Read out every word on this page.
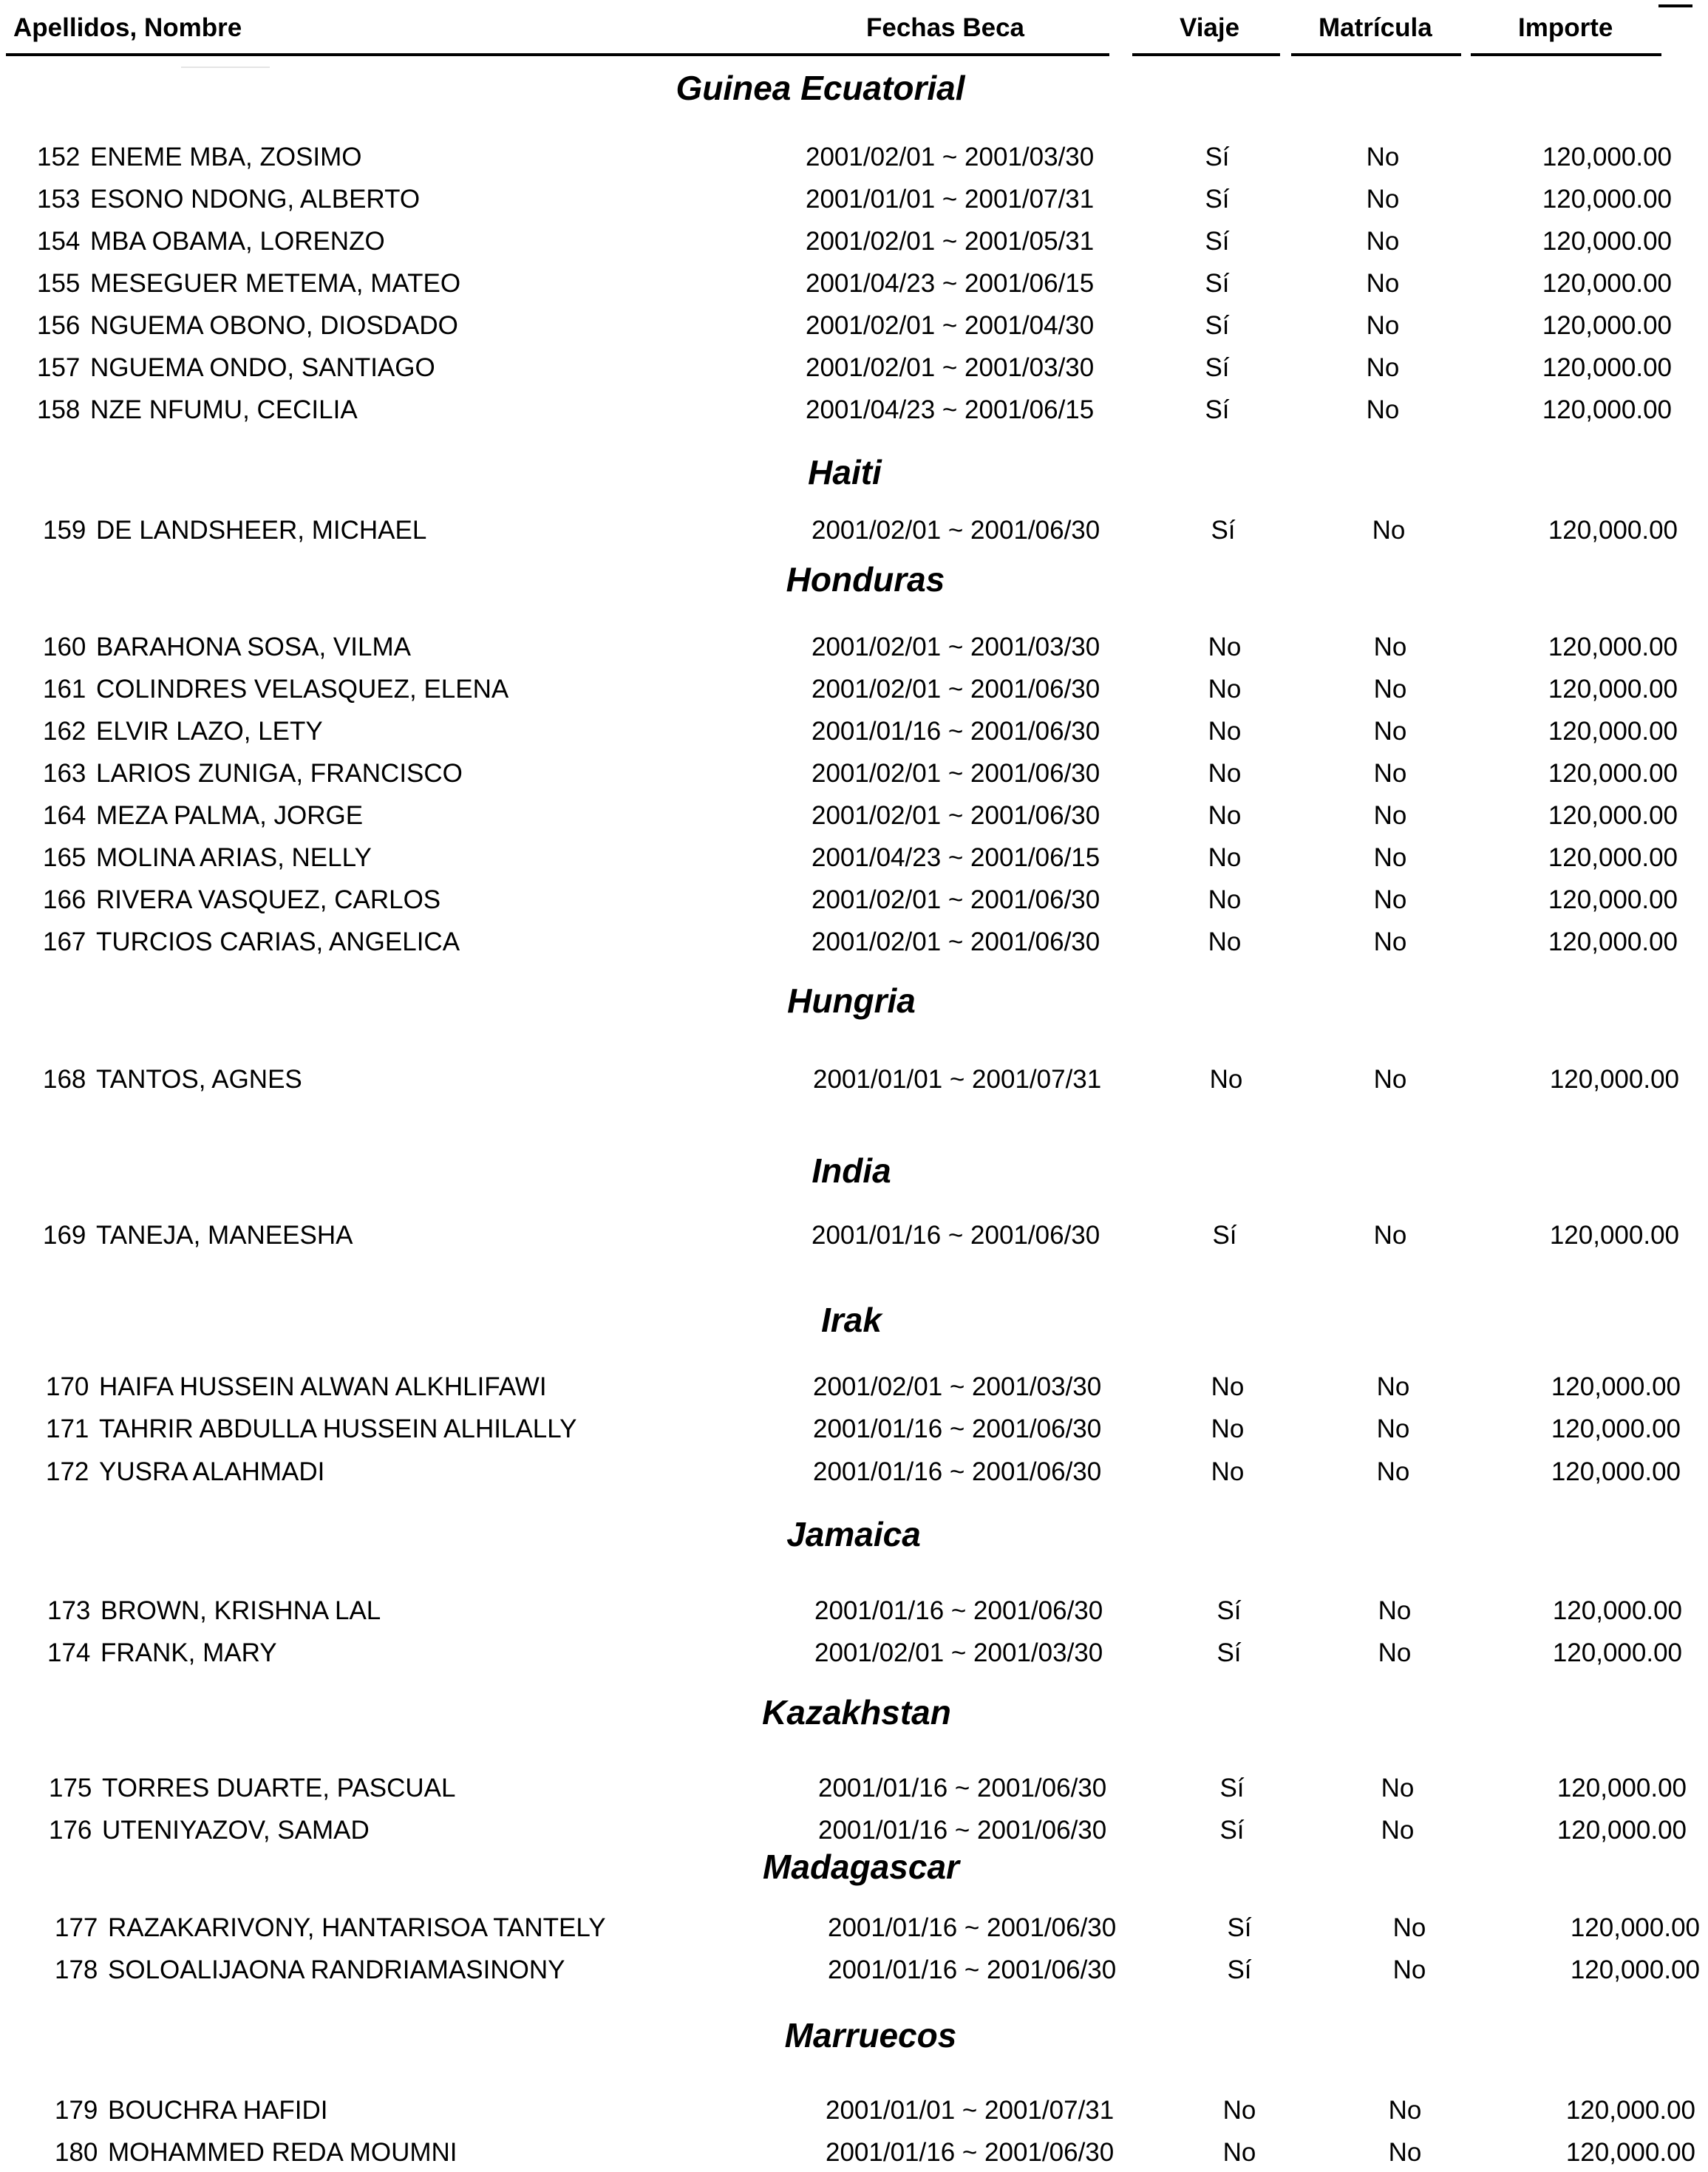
Apellidos, Nombre	Fechas Beca	Viaje	Matrícula	Importe
Guinea Ecuatorial
152 ENEME MBA, ZOSIMO	2001/02/01 ~ 2001/03/30	Sí	No	120,000.00
153 ESONO NDONG, ALBERTO	2001/01/01 ~ 2001/07/31	Sí	No	120,000.00
154 MBA OBAMA, LORENZO	2001/02/01 ~ 2001/05/31	Sí	No	120,000.00
155 MESEGUER METEMA, MATEO	2001/04/23 ~ 2001/06/15	Sí	No	120,000.00
156 NGUEMA OBONO, DIOSDADO	2001/02/01 ~ 2001/04/30	Sí	No	120,000.00
157 NGUEMA ONDO, SANTIAGO	2001/02/01 ~ 2001/03/30	Sí	No	120,000.00
158 NZE NFUMU, CECILIA	2001/04/23 ~ 2001/06/15	Sí	No	120,000.00
Haiti
159 DE LANDSHEER, MICHAEL	2001/02/01 ~ 2001/06/30	Sí	No	120,000.00
Honduras
160 BARAHONA SOSA, VILMA	2001/02/01 ~ 2001/03/30	No	No	120,000.00
161 COLINDRES VELASQUEZ, ELENA	2001/02/01 ~ 2001/06/30	No	No	120,000.00
162 ELVIR LAZO, LETY	2001/01/16 ~ 2001/06/30	No	No	120,000.00
163 LARIOS ZUNIGA, FRANCISCO	2001/02/01 ~ 2001/06/30	No	No	120,000.00
164 MEZA PALMA, JORGE	2001/02/01 ~ 2001/06/30	No	No	120,000.00
165 MOLINA ARIAS, NELLY	2001/04/23 ~ 2001/06/15	No	No	120,000.00
166 RIVERA VASQUEZ, CARLOS	2001/02/01 ~ 2001/06/30	No	No	120,000.00
167 TURCIOS CARIAS, ANGELICA	2001/02/01 ~ 2001/06/30	No	No	120,000.00
Hungria
168 TANTOS, AGNES	2001/01/01 ~ 2001/07/31	No	No	120,000.00
India
169 TANEJA, MANEESHA	2001/01/16 ~ 2001/06/30	Sí	No	120,000.00
Irak
170 HAIFA HUSSEIN ALWAN ALKHLIFAWI	2001/02/01 ~ 2001/03/30	No	No	120,000.00
171 TAHRIR ABDULLA HUSSEIN ALHILALLY	2001/01/16 ~ 2001/06/30	No	No	120,000.00
172 YUSRA ALAHMADI	2001/01/16 ~ 2001/06/30	No	No	120,000.00
Jamaica
173 BROWN, KRISHNA LAL	2001/01/16 ~ 2001/06/30	Sí	No	120,000.00
174 FRANK, MARY	2001/02/01 ~ 2001/03/30	Sí	No	120,000.00
Kazakhstan
175 TORRES DUARTE, PASCUAL	2001/01/16 ~ 2001/06/30	Sí	No	120,000.00
176 UTENIYAZOV, SAMAD	2001/01/16 ~ 2001/06/30	Sí	No	120,000.00
Madagascar
177 RAZAKARIVONY, HANTARISOA TANTELY	2001/01/16 ~ 2001/06/30	Sí	No	120,000.00
178 SOLOALIJAONA RANDRIAMASINONY	2001/01/16 ~ 2001/06/30	Sí	No	120,000.00
Marruecos
179 BOUCHRA HAFIDI	2001/01/01 ~ 2001/07/31	No	No	120,000.00
180 MOHAMMED REDA MOUMNI	2001/01/16 ~ 2001/06/30	No	No	120,000.00
